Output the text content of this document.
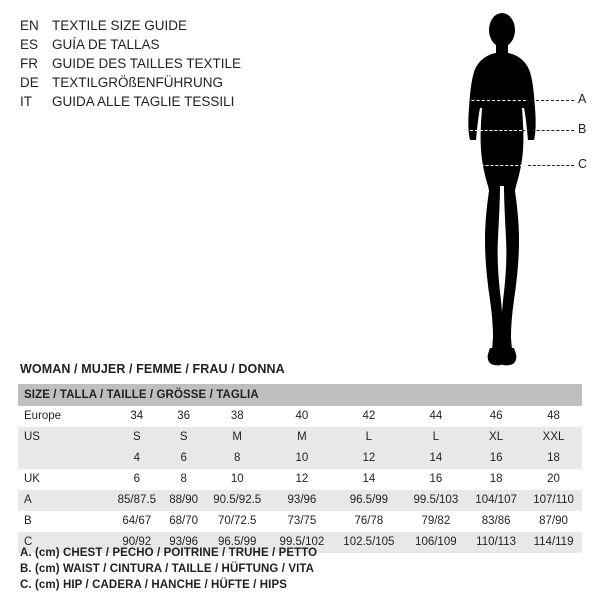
EN TEXTILE SIZE GUIDE
ES	GUÍA DE TALLAS
FR	GUIDE DES TAILLES TEXTILE
DE TEXTILGRÖßENFÜHRUNG
IT	GUIDA ALLE TAGLIE TESSILI	A
B
C
WOMAN / MUJER / FEMME / FRAU / DONNA
SIZE / TALLA / TAILLE / GRÖSSE / TAGLIA								
Europe	34	36	38	40	42	44	46	48
US	S	S	M	M	L	L	XL	XXL
	4	6	8	10	12	14	16	18
UK	6	8	10	12	14	16	18	20
A	85/87.5	88/90	90.5/92.5	93/96	96.5/99	99.5/103	104/107	107/110
B	64/67	68/70	70/72.5	73/75	76/78	79/82	83/86	87/90
C	90/92	93/96	96.5/99	99.5/102	102.5/105	106/109	110/113	114/119
A. (cm) CHEST / PECHO / POITRINE / TRUHE / PETTO
B. (cm) WAIST / CINTURA / TAILLE / HÜFTUNG / VITA
C. (cm) HIP / CADERA / HANCHE / HÜFTE / HIPS
